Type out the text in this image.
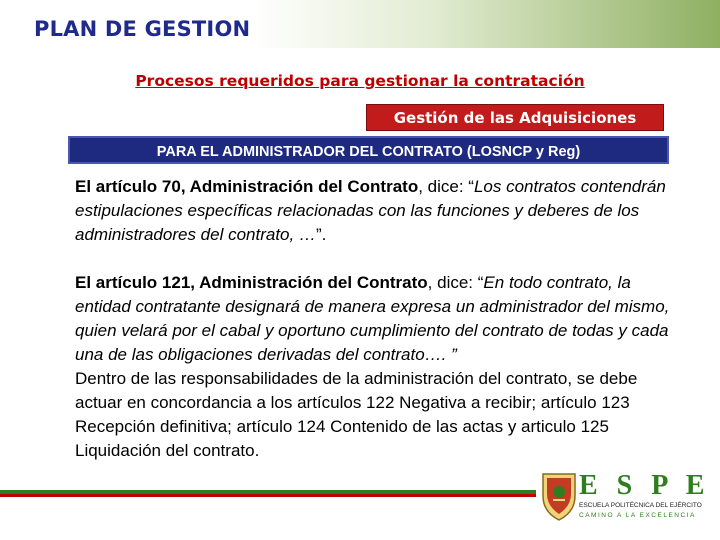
PLAN DE GESTION
Procesos requeridos para gestionar la contratación
Gestión de las Adquisiciones
PARA EL ADMINISTRADOR DEL CONTRATO (LOSNCP y Reg)

El artículo 70, Administración del Contrato, dice: “Los contratos contendrán estipulaciones específicas relacionadas con las funciones y deberes de los administradores del contrato, …”.

El artículo 121, Administración del Contrato, dice: “En todo contrato, la entidad contratante designará de manera expresa un administrador del mismo, quien velará por el cabal y oportuno cumplimiento del contrato de todas y cada una de las obligaciones derivadas del contrato…. ”

Dentro de las responsabilidades de la administración del contrato, se debe actuar en concordancia a los artículos 122 Negativa a recibir; artículo 123 Recepción definitiva; artículo 124 Contenido de las actas y articulo 125 Liquidación del contrato.

E S P E
ESCUELA POLITÉCNICA DEL EJÉRCITO
CAMINO A LA EXCELENCIA
